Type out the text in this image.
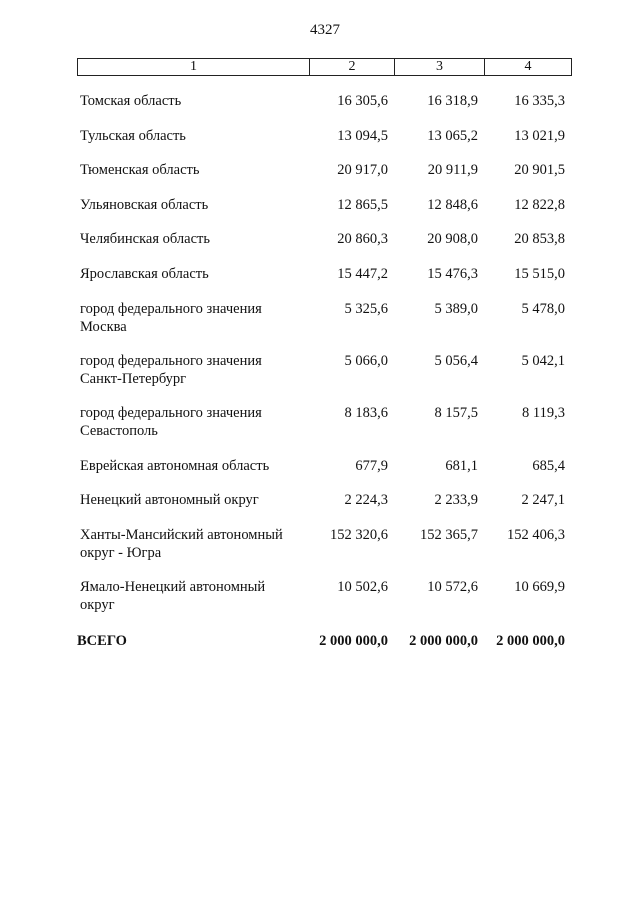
4327
1	2	3	4
Томская область	16 305,6	16 318,9	16 335,3
Тульская область	13 094,5	13 065,2	13 021,9
Тюменская область	20 917,0	20 911,9	20 901,5
Ульяновская область	12 865,5	12 848,6	12 822,8
Челябинская область	20 860,3	20 908,0	20 853,8
Ярославская область	15 447,2	15 476,3	15 515,0
город федерального значения
Москва
5 325,6	5 389,0	5 478,0
город федерального значения
Санкт-Петербург
5 066,0	5 056,4	5 042,1
город федерального значения
Севастополь
8 183,6	8 157,5	8 119,3
Еврейская автономная область	677,9	681,1	685,4
Ненецкий автономный округ	2 224,3	2 233,9	2 247,1
Ханты-Мансийский автономный
округ - Югра
152 320,6	152 365,7	152 406,3
Ямало-Ненецкий автономный
округ
10 502,6	10 572,6	10 669,9
ВСЕГО	2 000 000,0	2 000 000,0	2 000 000,0
